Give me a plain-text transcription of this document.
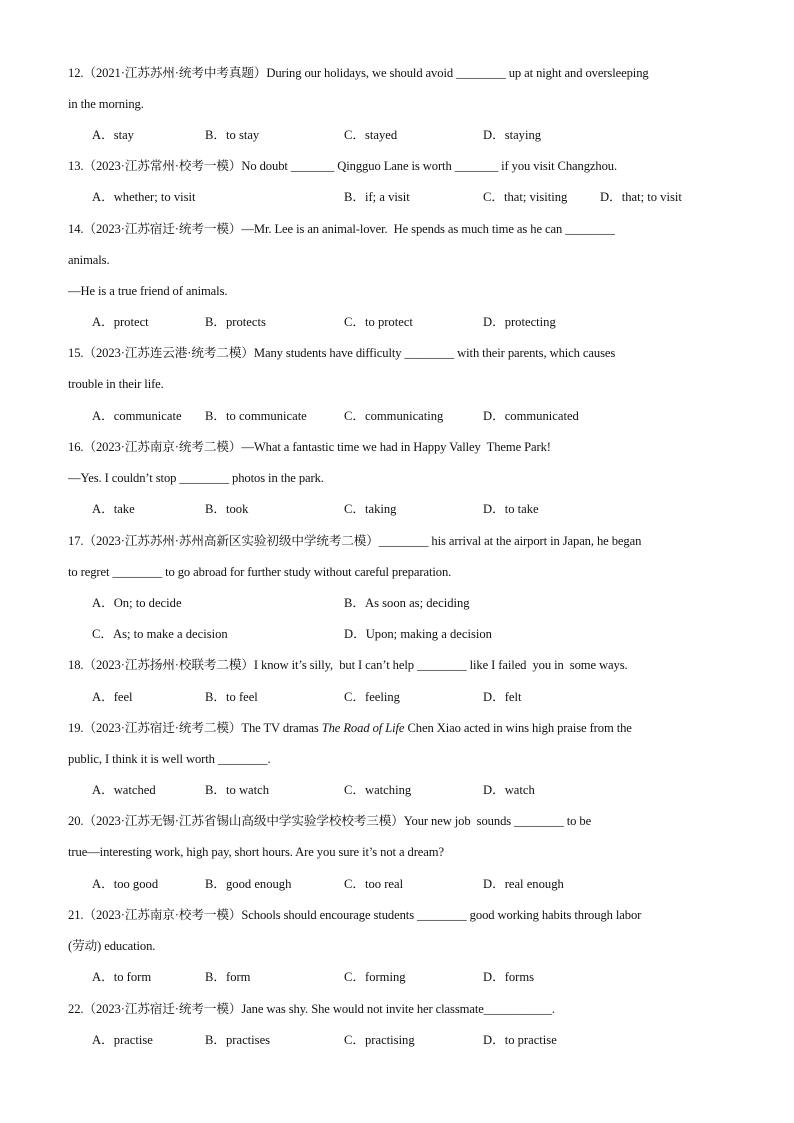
12.（2021·江苏苏州·统考中考真题）During our holidays, we should avoid ________ up at night and oversleeping
in the morning.
A．stay	B．to stay	C．stayed	D．staying
13.（2023·江苏常州·校考一模）No doubt _______ Qingguo Lane is worth _______ if you visit Changzhou.
A．whether; to visit	B．if; a visit	C．that; visiting	D．that; to visit
14.（2023·江苏宿迁·统考一模）—Mr. Lee is an animal-lover.  He spends as much time as he can ________
animals.
—He is a true friend of animals.
A．protect	B．protects	C．to protect	D．protecting
15.（2023·江苏连云港·统考二模）Many students have difficulty ________ with their parents, which causes
trouble in their life.
A．communicate B．to communicate	C．communicating	D．communicated
16.（2023·江苏南京·统考二模）—What a fantastic time we had in Happy Valley  Theme Park!
—Yes. I couldn’t stop ________ photos in the park.
A．take	B．took	C．taking	D．to take
17.（2023·江苏苏州·苏州高新区实验初级中学统考二模）________ his arrival at the airport in Japan, he began
to regret ________ to go abroad for further study without careful preparation.
A．On; to decide	B．As soon as; deciding
C．As; to make a decision	D．Upon; making a decision
18.（2023·江苏扬州·校联考二模）I know it’s silly,  but I can’t help ________ like I failed  you in  some ways.
A．feel	B．to feel	C．feeling	D．felt
19.（2023·江苏宿迁·统考二模）The TV dramas The Road of Life Chen Xiao acted in wins high praise from the
public, I think it is well worth ________.
A．watched	B．to watch	C．watching	D．watch
20.（2023·江苏无锡·江苏省锡山高级中学实验学校校考三模）Your new job  sounds ________ to be
true—interesting work, high pay, short hours. Are you sure it’s not a dream?
A．too good	B．good enough	C．too real	D．real enough
21.（2023·江苏南京·校考一模）Schools should encourage students ________ good working habits through labor
(劳动) education.
A．to form	B．form	C．forming	D．forms
22.（2023·江苏宿迁·统考一模）Jane was shy. She would not invite her classmate___________.
A．practise	B．practises	C．practising	D．to practise
